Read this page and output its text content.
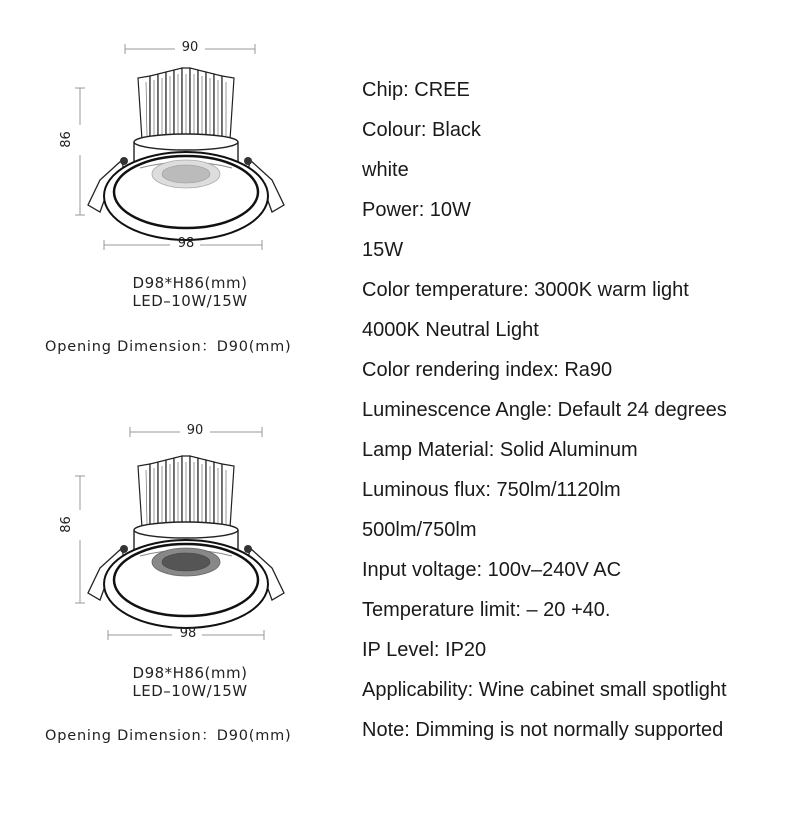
90
86
98
D98*H86(mm)
LED–10W/15W
Opening Dimension：D90(mm)
90
86
98
D98*H86(mm)
LED–10W/15W
Opening Dimension：D90(mm)
Chip: CREE
Colour: Black
white
Power: 10W
15W
Color temperature: 3000K warm light
4000K Neutral Light
Color rendering index: Ra90
Luminescence Angle: Default 24 degrees
Lamp Material: Solid Aluminum
Luminous flux: 750lm/1120lm
500lm/750lm
Input voltage: 100v–240V AC
Temperature limit: – 20 +40.
IP Level: IP20
Applicability: Wine cabinet small spotlight
Note: Dimming is not normally supported
